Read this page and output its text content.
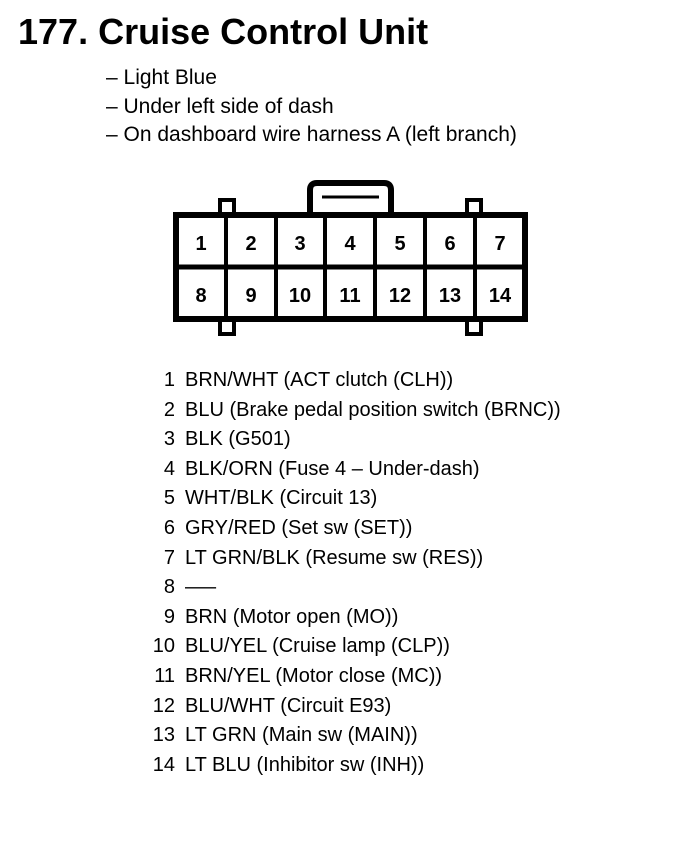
177. Cruise Control Unit
– Light Blue
– Under left side of dash
– On dashboard wire harness A (left branch)
1 2 3 4 5 6 7
8 9 10 11 12 13 14
1 BRN/WHT (ACT clutch (CLH))
2 BLU (Brake pedal position switch (BRNC))
3 BLK (G501)
4 BLK/ORN (Fuse 4 – Under-dash)
5 WHT/BLK (Circuit 13)
6 GRY/RED (Set sw (SET))
7 LT GRN/BLK (Resume sw (RES))
8 —–
9 BRN (Motor open (MO))
10 BLU/YEL (Cruise lamp (CLP))
11 BRN/YEL (Motor close (MC))
12 BLU/WHT (Circuit E93)
13 LT GRN (Main sw (MAIN))
14 LT BLU (Inhibitor sw (INH))
